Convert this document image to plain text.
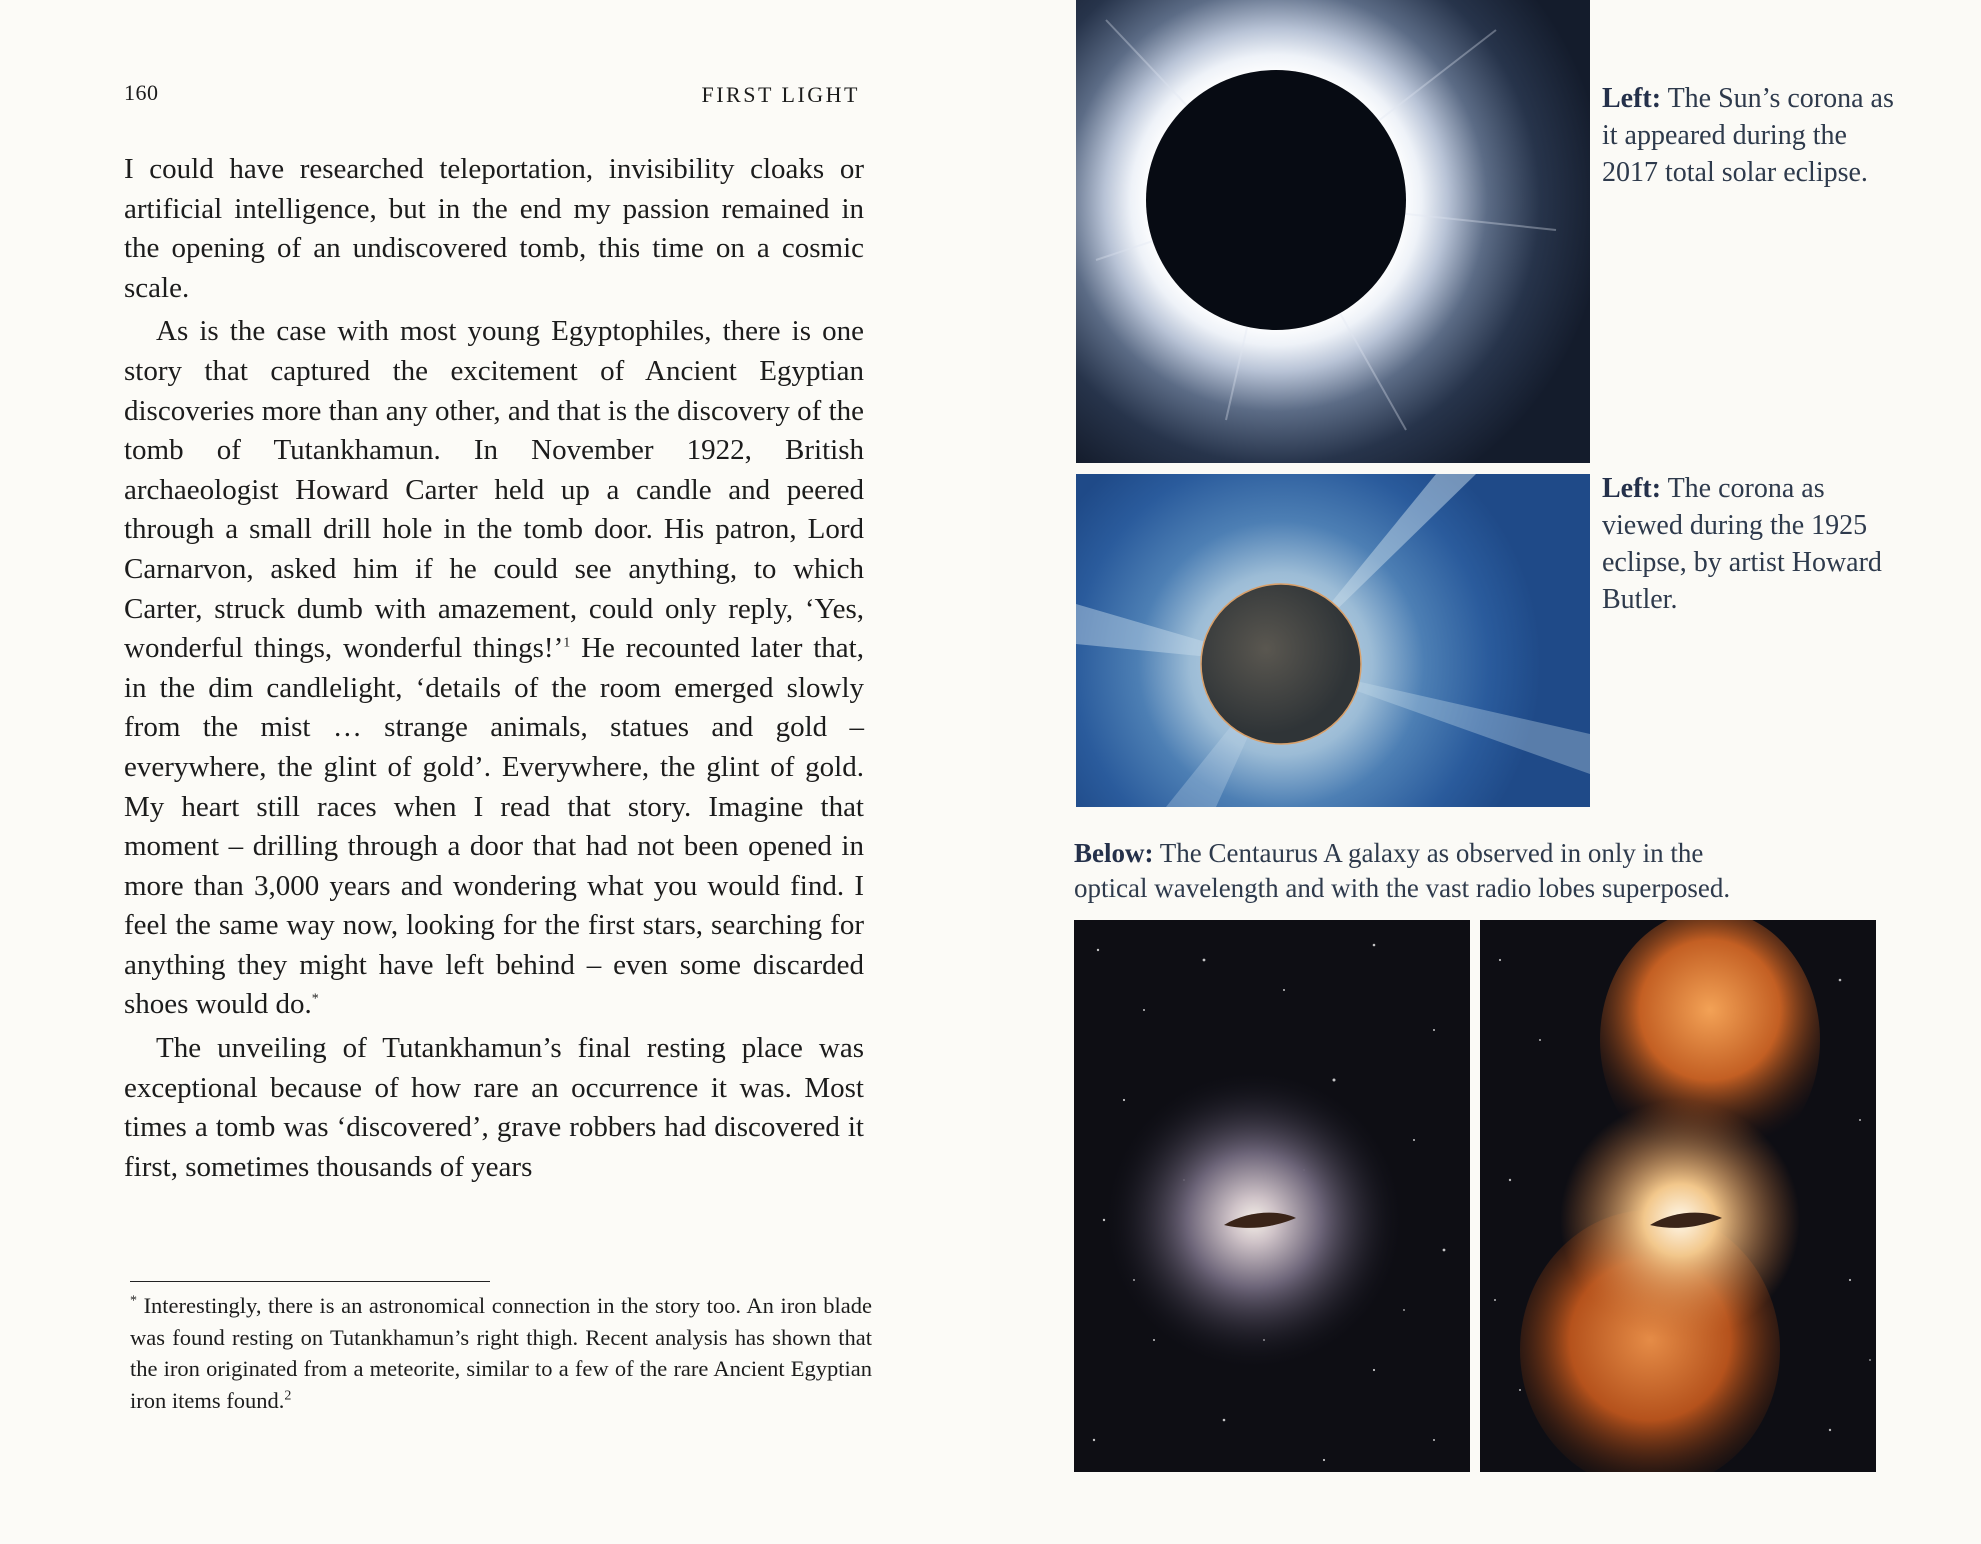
160	FIRST LIGHT

I could have researched teleportation, invisibility cloaks or artificial intelligence, but in the end my passion remained in the opening of an undiscovered tomb, this time on a cosmic scale.

As is the case with most young Egyptophiles, there is one story that captured the excitement of Ancient Egyptian discoveries more than any other, and that is the discovery of the tomb of Tutankhamun. In November 1922, British archaeologist Howard Carter held up a candle and peered through a small drill hole in the tomb door. His patron, Lord Carnarvon, asked him if he could see anything, to which Carter, struck dumb with amazement, could only reply, ‘Yes, wonderful things, wonderful things!’$^1$ He recounted later that, in the dim candlelight, ‘details of the room emerged slowly from the mist … strange animals, statues and gold – everywhere, the glint of gold’. Everywhere, the glint of gold. My heart still races when I read that story. Imagine that moment – drilling through a door that had not been opened in more than 3,000 years and wondering what you would find. I feel the same way now, looking for the first stars, searching for anything they might have left behind – even some discarded shoes would do.*

The unveiling of Tutankhamun’s final resting place was exceptional because of how rare an occurrence it was. Most times a tomb was ‘discovered’, grave robbers had discovered it first, sometimes thousands of years

* Interestingly, there is an astronomical connection in the story too. An iron blade was found resting on Tutankhamun’s right thigh. Recent analysis has shown that the iron originated from a meteorite, similar to a few of the rare Ancient Egyptian iron items found.$^2$
Left: The Sun’s corona as it appeared during the 2017 total solar eclipse.
Left: The corona as viewed during the 1925 eclipse, by artist Howard Butler.
Below: The Centaurus A galaxy as observed in only in the
optical wavelength and with the vast radio lobes superposed.
